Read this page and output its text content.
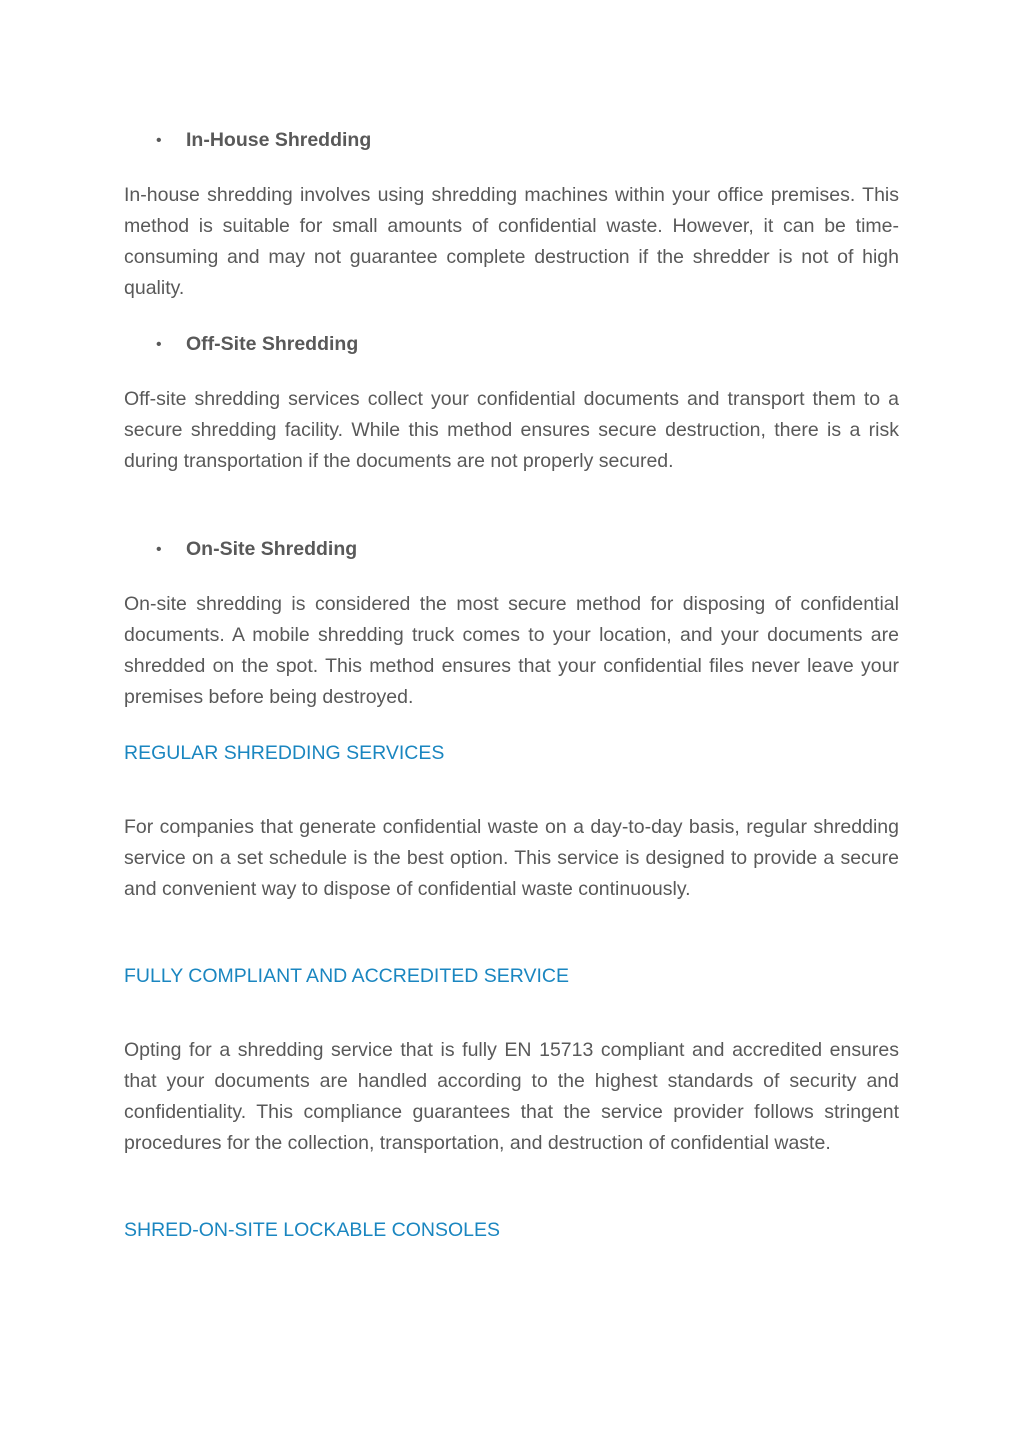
• In-House Shredding

In-house shredding involves using shredding machines within your office premises. This method is suitable for small amounts of confidential waste. However, it can be time-consuming and may not guarantee complete destruction if the shredder is not of high quality.

• Off-Site Shredding

Off-site shredding services collect your confidential documents and transport them to a secure shredding facility. While this method ensures secure destruction, there is a risk during transportation if the documents are not properly secured.

• On-Site Shredding

On-site shredding is considered the most secure method for disposing of confidential documents. A mobile shredding truck comes to your location, and your documents are shredded on the spot. This method ensures that your confidential files never leave your premises before being destroyed.

REGULAR SHREDDING SERVICES

For companies that generate confidential waste on a day-to-day basis, regular shredding service on a set schedule is the best option. This service is designed to provide a secure and convenient way to dispose of confidential waste continuously.

FULLY COMPLIANT AND ACCREDITED SERVICE

Opting for a shredding service that is fully EN 15713 compliant and accredited ensures that your documents are handled according to the highest standards of security and confidentiality. This compliance guarantees that the service provider follows stringent procedures for the collection, transportation, and destruction of confidential waste.

SHRED-ON-SITE LOCKABLE CONSOLES
